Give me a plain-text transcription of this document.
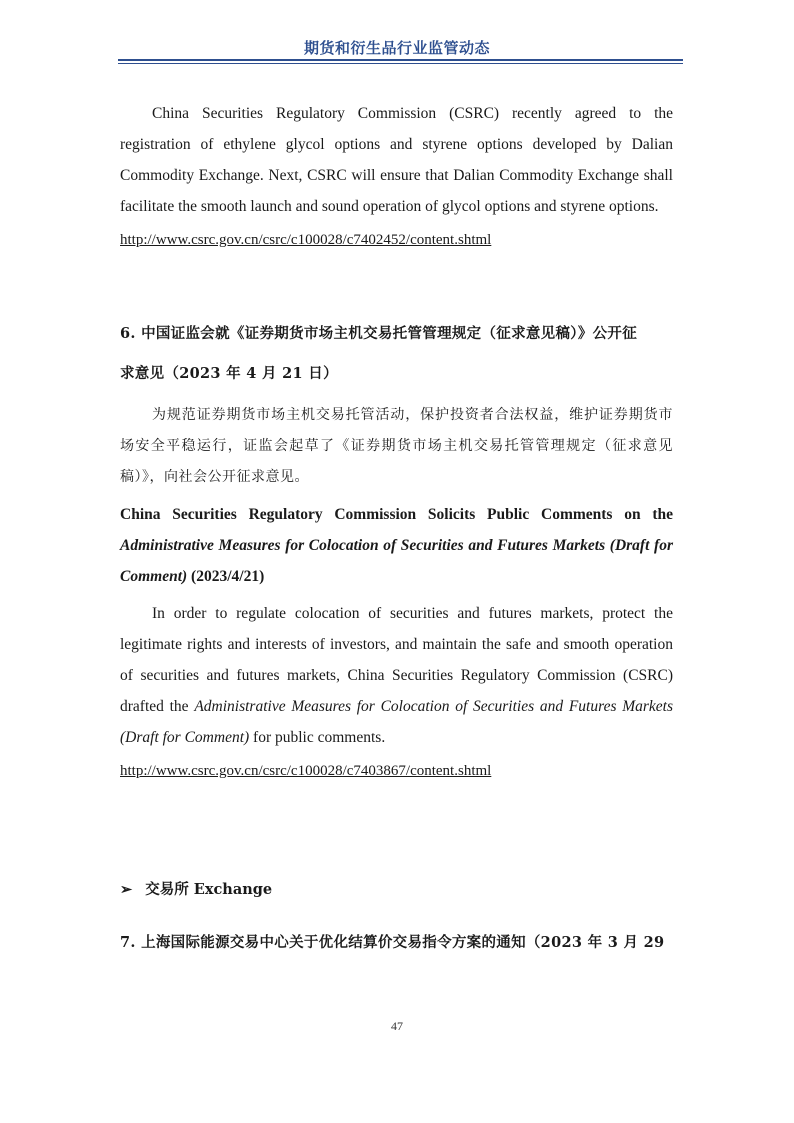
期货和衍生品行业监管动态

China Securities Regulatory Commission (CSRC) recently agreed to the registration of ethylene glycol options and styrene options developed by Dalian Commodity Exchange. Next, CSRC will ensure that Dalian Commodity Exchange shall facilitate the smooth launch and sound operation of glycol options and styrene options.

http://www.csrc.gov.cn/csrc/c100028/c7402452/content.shtml

6. 中国证监会就《证券期货市场主机交易托管管理规定（征求意见稿）》公开征
求意见（2023 年 4 月 21 日）

为规范证券期货市场主机交易托管活动，保护投资者合法权益，维护证券期货市场安全平稳运行，证监会起草了《证券期货市场主机交易托管管理规定（征求意见稿）》，向社会公开征求意见。

China Securities Regulatory Commission Solicits Public Comments on the Administrative Measures for Colocation of Securities and Futures Markets (Draft for Comment) (2023/4/21)

In order to regulate colocation of securities and futures markets, protect the legitimate rights and interests of investors, and maintain the safe and smooth operation of securities and futures markets, China Securities Regulatory Commission (CSRC) drafted the Administrative Measures for Colocation of Securities and Futures Markets (Draft for Comment) for public comments.

http://www.csrc.gov.cn/csrc/c100028/c7403867/content.shtml

➢ 交易所 Exchange

7. 上海国际能源交易中心关于优化结算价交易指令方案的通知（2023 年 3 月 29

47
